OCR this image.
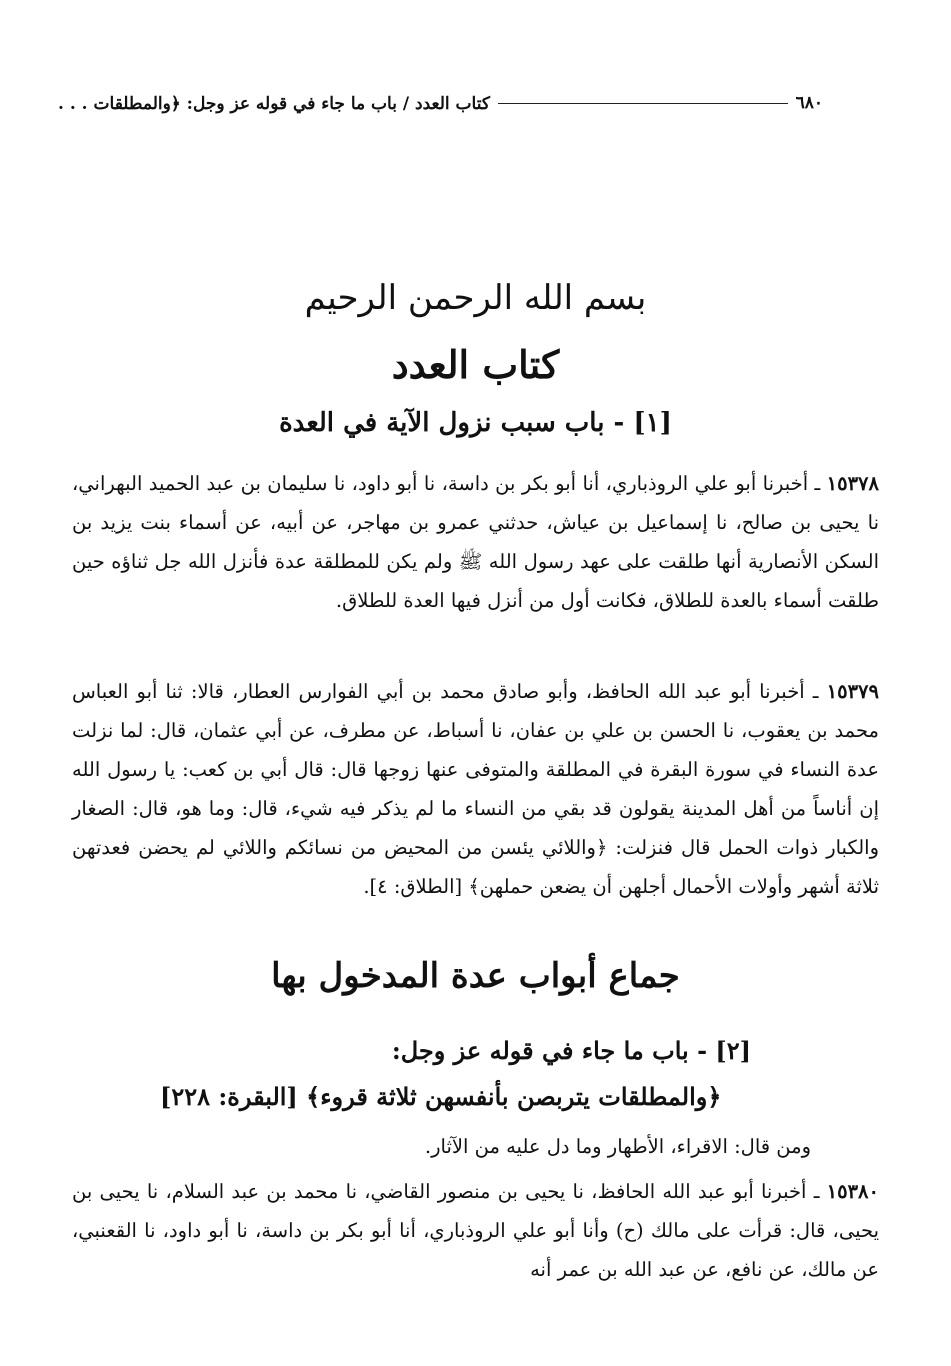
٦٨٠
كتاب العدد / باب ما جاء في قوله عز وجل: ﴿والمطلقات . . .
بسم الله الرحمن الرحيم
كتاب العدد
[١] - باب سبب نزول الآية في العدة

١٥٣٧٨ ـ أخبرنا أبو علي الروذباري، أنا أبو بكر بن داسة، نا أبو داود، نا سليمان بن عبد الحميد البهراني، نا يحيى بن صالح، نا إسماعيل بن عياش، حدثني عمرو بن مهاجر، عن أبيه، عن أسماء بنت يزيد بن السكن الأنصارية أنها طلقت على عهد رسول الله ﷺ ولم يكن للمطلقة عدة فأنزل الله جل ثناؤه حين طلقت أسماء بالعدة للطلاق، فكانت أول من أنزل فيها العدة للطلاق.

١٥٣٧٩ ـ أخبرنا أبو عبد الله الحافظ، وأبو صادق محمد بن أبي الفوارس العطار، قالا: ثنا أبو العباس محمد بن يعقوب، نا الحسن بن علي بن عفان، نا أسباط، عن مطرف، عن أبي عثمان، قال: لما نزلت عدة النساء في سورة البقرة في المطلقة والمتوفى عنها زوجها قال: قال أبي بن كعب: يا رسول الله إن أناساً من أهل المدينة يقولون قد بقي من النساء ما لم يذكر فيه شيء، قال: وما هو، قال: الصغار والكبار ذوات الحمل قال فنزلت: ﴿واللائي يئسن من المحيض من نسائكم واللائي لم يحضن فعدتهن ثلاثة أشهر وأولات الأحمال أجلهن أن يضعن حملهن﴾ [الطلاق: ٤].

جماع أبواب عدة المدخول بها
[٢] - باب ما جاء في قوله عز وجل:
﴿والمطلقات يتربصن بأنفسهن ثلاثة قروء﴾ [البقرة: ٢٢٨]

ومن قال: الاقراء، الأطهار وما دل عليه من الآثار.

١٥٣٨٠ ـ أخبرنا أبو عبد الله الحافظ، نا يحيى بن منصور القاضي، نا محمد بن عبد السلام، نا يحيى بن يحيى، قال: قرأت على مالك (ح) وأنا أبو علي الروذباري، أنا أبو بكر بن داسة، نا أبو داود، نا القعنبي، عن مالك، عن نافع، عن عبد الله بن عمر أنه
